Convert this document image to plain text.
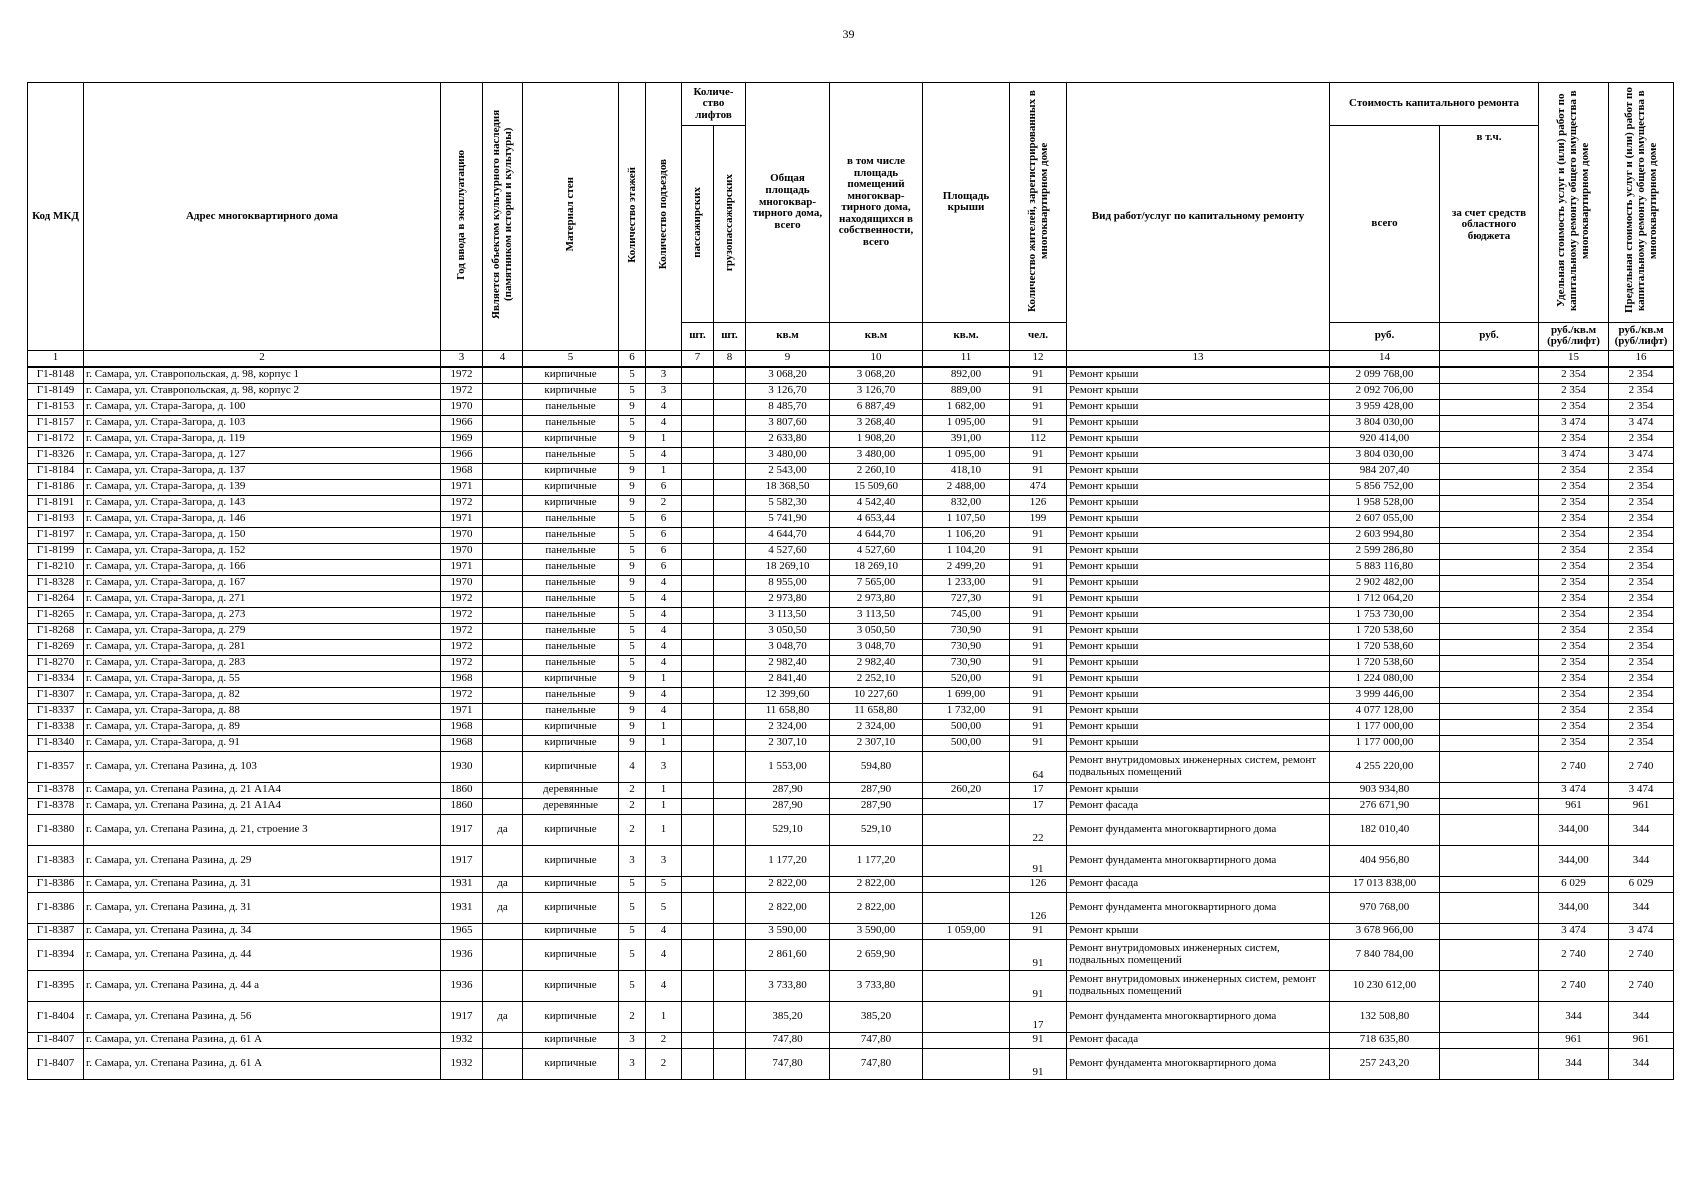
39
Код МКД	Адрес многоквартирного дома	Год ввода в эксплуатацию	Является объектом культурного наследия (памятником истории и культуры)	Материал стен	Количество этажей	Количество подъездов	Количе- ство лифтов		Общая площадь многоквар- тирного дома, всего	в том числе площадь помещений многоквар- тирного дома, находящихся в собственности, всего	Площадь крыши	Количество жителей, зарегистрированных в многоквартирном доме	Вид работ/услуг по капитальному ремонту	Стоимость капитального ремонта		Удельная стоимость услуг и (или) работ по капитальному ремонту общего имущества в многоквартирном доме	Предельная стоимость услуг и (или) работ по капитальному ремонту общего имущества в многоквартирном доме
							пассажирских	грузопассажирских						всего	в т.ч.
за счет средств областного бюджета		

							шт.	шт.	кв.м	кв.м	кв.м.	чел.		руб.	руб.	руб./кв.м (руб/лифт)	руб./кв.м (руб/лифт)
1	2	3	4	5	6		7	8	9	10	11	12	13	14		15	16
Г1-8148	г. Самара, ул. Ставропольская, д. 98, корпус 1	1972		кирпичные	5	3			3 068,20	3 068,20	892,00	91	Ремонт крыши	2 099 768,00		2 354	2 354
Г1-8149	г. Самара, ул. Ставропольская, д. 98, корпус 2	1972		кирпичные	5	3			3 126,70	3 126,70	889,00	91	Ремонт крыши	2 092 706,00		2 354	2 354
Г1-8153	г. Самара, ул. Стара-Загора, д. 100	1970		панельные	9	4			8 485,70	6 887,49	1 682,00	91	Ремонт крыши	3 959 428,00		2 354	2 354
Г1-8157	г. Самара, ул. Стара-Загора, д. 103	1966		панельные	5	4			3 807,60	3 268,40	1 095,00	91	Ремонт крыши	3 804 030,00		3 474	3 474
Г1-8172	г. Самара, ул. Стара-Загора, д. 119	1969		кирпичные	9	1			2 633,80	1 908,20	391,00	112	Ремонт крыши	920 414,00		2 354	2 354
Г1-8326	г. Самара, ул. Стара-Загора, д. 127	1966		панельные	5	4			3 480,00	3 480,00	1 095,00	91	Ремонт крыши	3 804 030,00		3 474	3 474
Г1-8184	г. Самара, ул. Стара-Загора, д. 137	1968		кирпичные	9	1			2 543,00	2 260,10	418,10	91	Ремонт крыши	984 207,40		2 354	2 354
Г1-8186	г. Самара, ул. Стара-Загора, д. 139	1971		кирпичные	9	6			18 368,50	15 509,60	2 488,00	474	Ремонт крыши	5 856 752,00		2 354	2 354
Г1-8191	г. Самара, ул. Стара-Загора, д. 143	1972		кирпичные	9	2			5 582,30	4 542,40	832,00	126	Ремонт крыши	1 958 528,00		2 354	2 354
Г1-8193	г. Самара, ул. Стара-Загора, д. 146	1971		панельные	5	6			5 741,90	4 653,44	1 107,50	199	Ремонт крыши	2 607 055,00		2 354	2 354
Г1-8197	г. Самара, ул. Стара-Загора, д. 150	1970		панельные	5	6			4 644,70	4 644,70	1 106,20	91	Ремонт крыши	2 603 994,80		2 354	2 354
Г1-8199	г. Самара, ул. Стара-Загора, д. 152	1970		панельные	5	6			4 527,60	4 527,60	1 104,20	91	Ремонт крыши	2 599 286,80		2 354	2 354
Г1-8210	г. Самара, ул. Стара-Загора, д. 166	1971		панельные	9	6			18 269,10	18 269,10	2 499,20	91	Ремонт крыши	5 883 116,80		2 354	2 354
Г1-8328	г. Самара, ул. Стара-Загора, д. 167	1970		панельные	9	4			8 955,00	7 565,00	1 233,00	91	Ремонт крыши	2 902 482,00		2 354	2 354
Г1-8264	г. Самара, ул. Стара-Загора, д. 271	1972		панельные	5	4			2 973,80	2 973,80	727,30	91	Ремонт крыши	1 712 064,20		2 354	2 354
Г1-8265	г. Самара, ул. Стара-Загора, д. 273	1972		панельные	5	4			3 113,50	3 113,50	745,00	91	Ремонт крыши	1 753 730,00		2 354	2 354
Г1-8268	г. Самара, ул. Стара-Загора, д. 279	1972		панельные	5	4			3 050,50	3 050,50	730,90	91	Ремонт крыши	1 720 538,60		2 354	2 354
Г1-8269	г. Самара, ул. Стара-Загора, д. 281	1972		панельные	5	4			3 048,70	3 048,70	730,90	91	Ремонт крыши	1 720 538,60		2 354	2 354
Г1-8270	г. Самара, ул. Стара-Загора, д. 283	1972		панельные	5	4			2 982,40	2 982,40	730,90	91	Ремонт крыши	1 720 538,60		2 354	2 354
Г1-8334	г. Самара, ул. Стара-Загора, д. 55	1968		кирпичные	9	1			2 841,40	2 252,10	520,00	91	Ремонт крыши	1 224 080,00		2 354	2 354
Г1-8307	г. Самара, ул. Стара-Загора, д. 82	1972		панельные	9	4			12 399,60	10 227,60	1 699,00	91	Ремонт крыши	3 999 446,00		2 354	2 354
Г1-8337	г. Самара, ул. Стара-Загора, д. 88	1971		панельные	9	4			11 658,80	11 658,80	1 732,00	91	Ремонт крыши	4 077 128,00		2 354	2 354
Г1-8338	г. Самара, ул. Стара-Загора, д. 89	1968		кирпичные	9	1			2 324,00	2 324,00	500,00	91	Ремонт крыши	1 177 000,00		2 354	2 354
Г1-8340	г. Самара, ул. Стара-Загора, д. 91	1968		кирпичные	9	1			2 307,10	2 307,10	500,00	91	Ремонт крыши	1 177 000,00		2 354	2 354
Г1-8357	г. Самара, ул. Степана Разина, д. 103	1930		кирпичные	4	3			1 553,00	594,80		64	Ремонт внутридомовых инженерных систем, ремонт подвальных помещений	4 255 220,00		2 740	2 740
Г1-8378	г. Самара, ул. Степана Разина, д. 21 А1А4	1860		деревянные	2	1			287,90	287,90	260,20	17	Ремонт крыши	903 934,80		3 474	3 474
Г1-8378	г. Самара, ул. Степана Разина, д. 21 А1А4	1860		деревянные	2	1			287,90	287,90		17	Ремонт фасада	276 671,90		961	961
Г1-8380	г. Самара, ул. Степана Разина, д. 21, строение 3	1917	да	кирпичные	2	1			529,10	529,10		22	Ремонт фундамента многоквартирного дома	182 010,40		344,00	344
Г1-8383	г. Самара, ул. Степана Разина, д. 29	1917		кирпичные	3	3			1 177,20	1 177,20		91	Ремонт фундамента многоквартирного дома	404 956,80		344,00	344
Г1-8386	г. Самара, ул. Степана Разина, д. 31	1931	да	кирпичные	5	5			2 822,00	2 822,00		126	Ремонт фасада	17 013 838,00		6 029	6 029
Г1-8386	г. Самара, ул. Степана Разина, д. 31	1931	да	кирпичные	5	5			2 822,00	2 822,00		126	Ремонт фундамента многоквартирного дома	970 768,00		344,00	344
Г1-8387	г. Самара, ул. Степана Разина, д. 34	1965		кирпичные	5	4			3 590,00	3 590,00	1 059,00	91	Ремонт крыши	3 678 966,00		3 474	3 474
Г1-8394	г. Самара, ул. Степана Разина, д. 44	1936		кирпичные	5	4			2 861,60	2 659,90		91	Ремонт внутридомовых инженерных систем, подвальных помещений	7 840 784,00		2 740	2 740
Г1-8395	г. Самара, ул. Степана Разина, д. 44 а	1936		кирпичные	5	4			3 733,80	3 733,80		91	Ремонт внутридомовых инженерных систем, ремонт подвальных помещений	10 230 612,00		2 740	2 740
Г1-8404	г. Самара, ул. Степана Разина, д. 56	1917	да	кирпичные	2	1			385,20	385,20		17	Ремонт фундамента многоквартирного дома	132 508,80		344	344
Г1-8407	г. Самара, ул. Степана Разина, д. 61 А	1932		кирпичные	3	2			747,80	747,80		91	Ремонт фасада	718 635,80		961	961
Г1-8407	г. Самара, ул. Степана Разина, д. 61 А	1932		кирпичные	3	2			747,80	747,80		91	Ремонт фундамента многоквартирного дома	257 243,20		344	344
